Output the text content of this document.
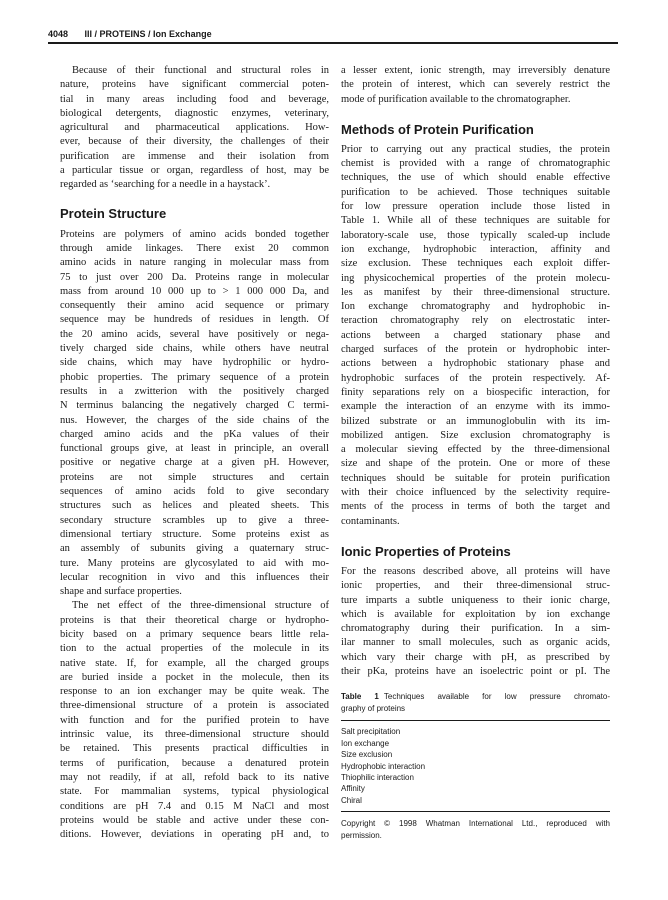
4048 III / PROTEINS / Ion Exchange

Because of their functional and structural roles in
nature, proteins have significant commercial poten-
tial in many areas including food and beverage,
biological detergents, diagnostic enzymes, veterinary,
agricultural and pharmaceutical applications. How-
ever, because of their diversity, the challenges of their
purification are immense and their isolation from
a particular tissue or organ, regardless of host, may be
regarded as ‘searching for a needle in a haystack’.

Protein Structure

Proteins are polymers of amino acids bonded together
through amide linkages. There exist 20 common
amino acids in nature ranging in molecular mass from
75 to just over 200 Da. Proteins range in molecular
mass from around 10 000 up to > 1 000 000 Da, and
consequently their amino acid sequence or primary
sequence may be hundreds of residues in length. Of
the 20 amino acids, several have positively or nega-
tively charged side chains, while others have neutral
side chains, which may have hydrophilic or hydro-
phobic properties. The primary sequence of a protein
results in a zwitterion with the positively charged
N terminus balancing the negatively charged C termi-
nus. However, the charges of the side chains of the
charged amino acids and the pKa values of their
functional groups give, at least in principle, an overall
positive or negative charge at a given pH. However,
proteins are not simple structures and certain
sequences of amino acids fold to give secondary
structures such as helices and pleated sheets. This
secondary structure scrambles up to give a three-
dimensional tertiary structure. Some proteins exist as
an assembly of subunits giving a quaternary struc-
ture. Many proteins are glycosylated to aid with mo-
lecular recognition in vivo and this influences their
shape and surface properties.

The net effect of the three-dimensional structure of
proteins is that their theoretical charge or hydropho-
bicity based on a primary sequence bears little rela-
tion to the actual properties of the molecule in its
native state. If, for example, all the charged groups
are buried inside a pocket in the molecule, then its
response to an ion exchanger may be quite weak. The
three-dimensional structure of a protein is associated
with function and for the purified protein to have
intrinsic value, its three-dimensional structure should
be retained. This presents practical difficulties in
terms of purification, because a denatured protein
may not readily, if at all, refold back to its native
state. For mammalian systems, typical physiological
conditions are pH 7.4 and 0.15 M NaCl and most
proteins would be stable and active under these con-
ditions. However, deviations in operating pH and, to

a lesser extent, ionic strength, may irreversibly denature
the protein of interest, which can severely restrict the
mode of purification available to the chromatographer.

Methods of Protein Purification

Prior to carrying out any practical studies, the protein
chemist is provided with a range of chromatographic
techniques, the use of which should enable effective
purification to be achieved. Those techniques suitable
for low pressure operation include those listed in
Table 1. While all of these techniques are suitable for
laboratory-scale use, those typically scaled-up include
ion exchange, hydrophobic interaction, affinity and
size exclusion. These techniques each exploit differ-
ing physicochemical properties of the protein molecu-
les as manifest by their three-dimensional structure.
Ion exchange chromatography and hydrophobic in-
teraction chromatography rely on electrostatic inter-
actions between a charged stationary phase and
charged surfaces of the protein or hydrophobic inter-
actions between a hydrophobic stationary phase and
hydrophobic surfaces of the protein respectively. Af-
finity separations rely on a biospecific interaction, for
example the interaction of an enzyme with its immo-
bilized substrate or an immunoglobulin with its im-
mobilized antigen. Size exclusion chromatography is
a molecular sieving effected by the three-dimensional
size and shape of the protein. One or more of these
techniques should be suitable for protein purification
with their choice influenced by the selectivity require-
ments of the process in terms of both the target and
contaminants.

Ionic Properties of Proteins

For the reasons described above, all proteins will have
ionic properties, and their three-dimensional struc-
ture imparts a subtle uniqueness to their ionic charge,
which is available for exploitation by ion exchange
chromatography during their purification. In a sim-
ilar manner to small molecules, such as organic acids,
which vary their charge with pH, as prescribed by
their pKa, proteins have an isoelectric point or pI. The

Table 1 Techniques available for low pressure chromato-
graphy of proteins
Salt precipitation
Ion exchange
Size exclusion
Hydrophobic interaction
Thiophilic interaction
Affinity
Chiral
Copyright © 1998 Whatman International Ltd., reproduced with
permission.
